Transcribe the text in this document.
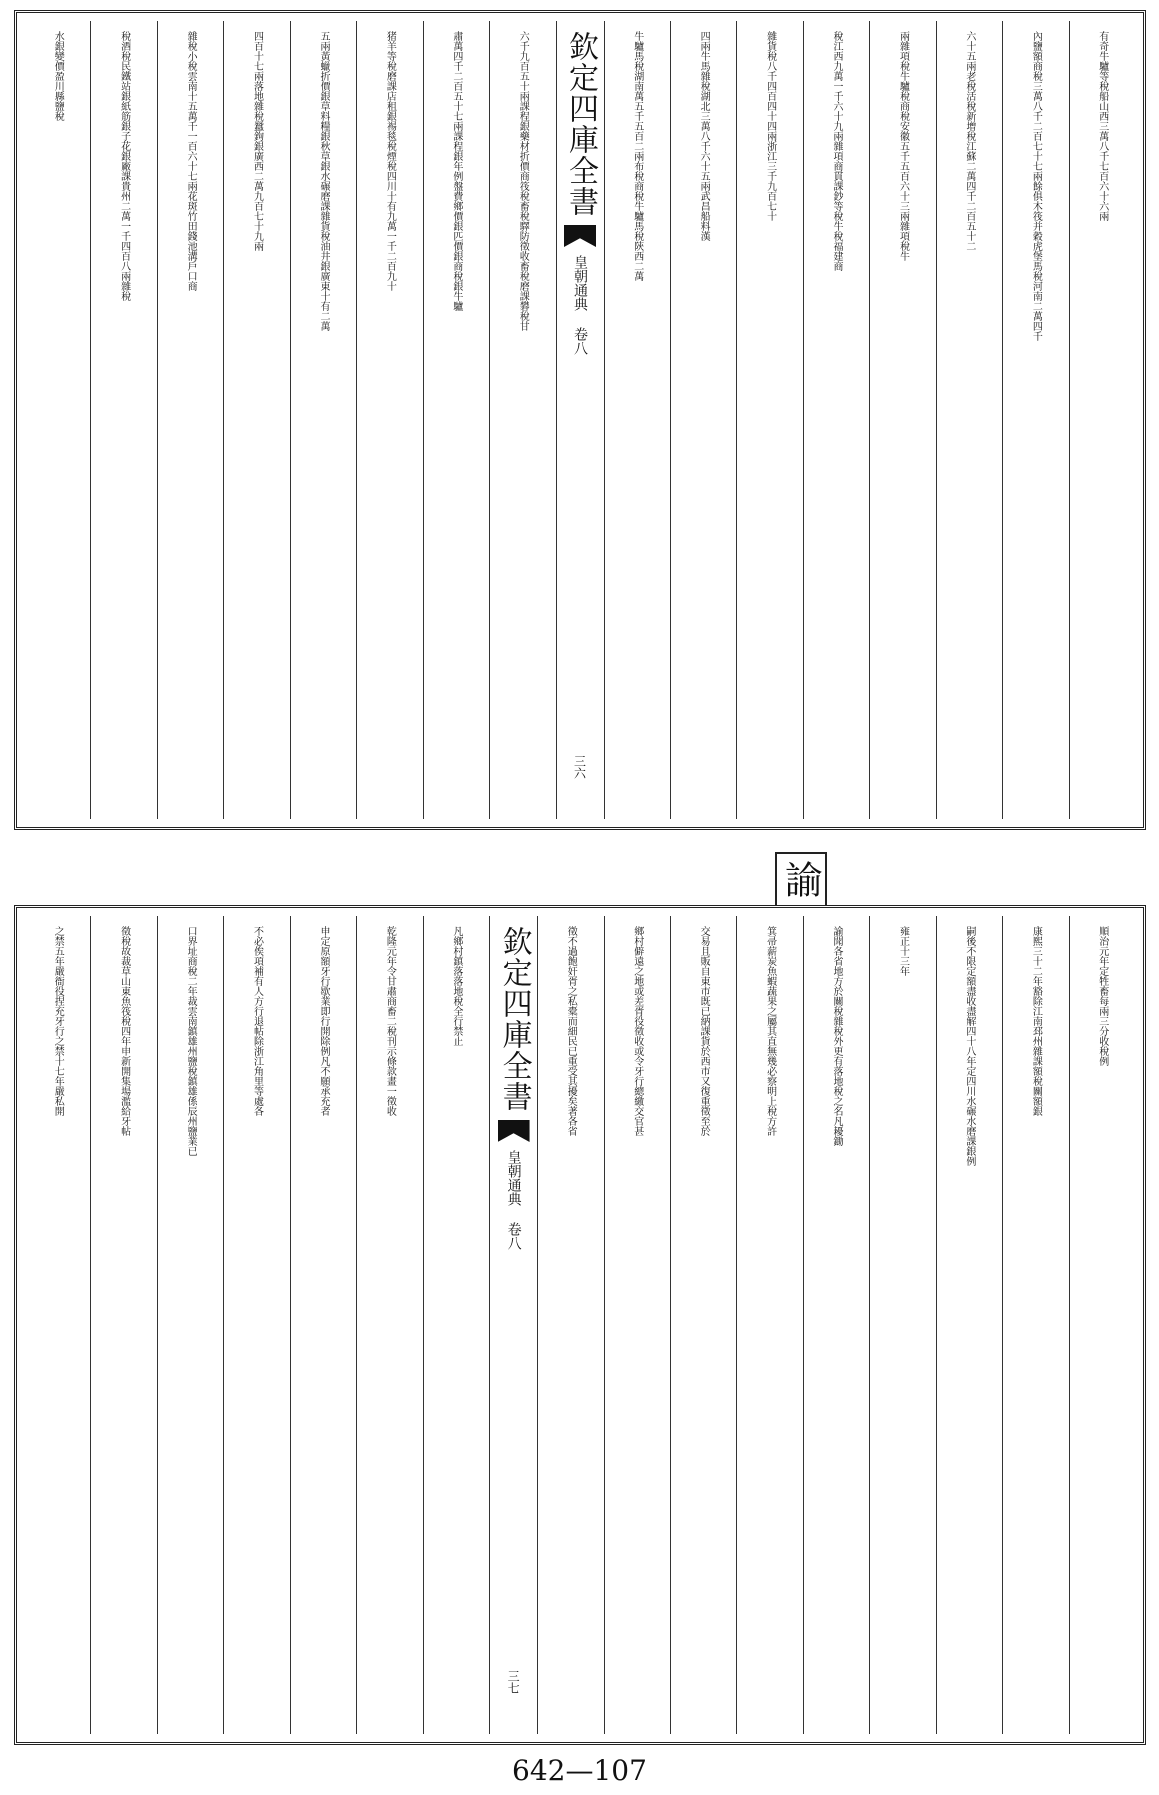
有奇牛驢等稅船山西三萬八千七百六十六兩
內鹽額商稅三萬八千二百七十七兩餘俱木筏并穀虎堡馬稅河南二萬四千
六十五兩老稅活稅新增稅江蘇二萬四千二百五十二
兩雜項稅牛驢稅商稅安徽五千五百六十三兩雜項稅牛
稅江西九萬一千六十九兩雜項商貫課鈔等稅牛稅福建商
雜貨稅八千四百四十四兩浙江三千九百七十
四兩牛馬雜稅湖北三萬八千六十五兩武昌船料漢
牛驢馬稅湖南萬五千五百二兩布稅商稅牛驢馬稅陝西二萬
欽定四庫全書
皇朝通典 卷八
三六
六千九百五十兩課程銀藥材折價商筏稅畜稅驛防徵收畜稅磨課礬稅甘
肅萬四千二百五十七兩課程銀年例盤費鄉價銀匹價銀商稅銀牛驢
猪羊等稅磨課店租銀裼毯稅煙稅四川十有九萬一千二百九十
五兩黃蠟折價銀草料糧銀秋草銀水碾磨課雜貨稅油井銀廣東十有二萬
四百十七兩落地雜稅蠶鉤銀廣西二萬九百七十九兩
雜稅小稅雲南十五萬千一百六十七兩花斑竹田錢池溝戶口商
稅酒稅民鐵站銀紙筋銀子花銀廠課貴州二萬一千四百八兩雜稅
水銀變價盈川縣鹽稅
諭
順治元年定牲畜每兩三分收稅例
康熙三十二年豁除江南邳州雜課額稅關額銀
嗣後不限定額盡收盡解四十八年定四川水碾水磨課銀例
雍正十三年
諭聞各省地方於關稅雜稅外更有落地稅之名凡耰鋤
箕帚薪炭魚蝦蔬果之屬其直無幾必察明上稅方許
交易且販自東市既已納課貨於西市又復重徵至於
鄉村僻遠之地或差胥役徵收或令牙行總繳交官甚
徵不過飽奸胥之私橐而細民已重受其擾矣著各省
欽定四庫全書
皇朝通典 卷八
三七
凡鄉村鎮落落地稅全行禁止
乾隆元年令甘肅商畜二稅刊示條款畫一徵收
申定原額牙行歇業即行開除例凡不願承充者
不必俟項補有人方行退帖除浙江角里等處各
口界址商稅二年裁雲南鎮雄州鹽稅鎮雄係辰州鹽業已
徵稅故裁草山東魚筏稅四年申新開集場濫給牙帖
之禁五年嚴衙役捏充牙行之禁十七年嚴私開
642—107
